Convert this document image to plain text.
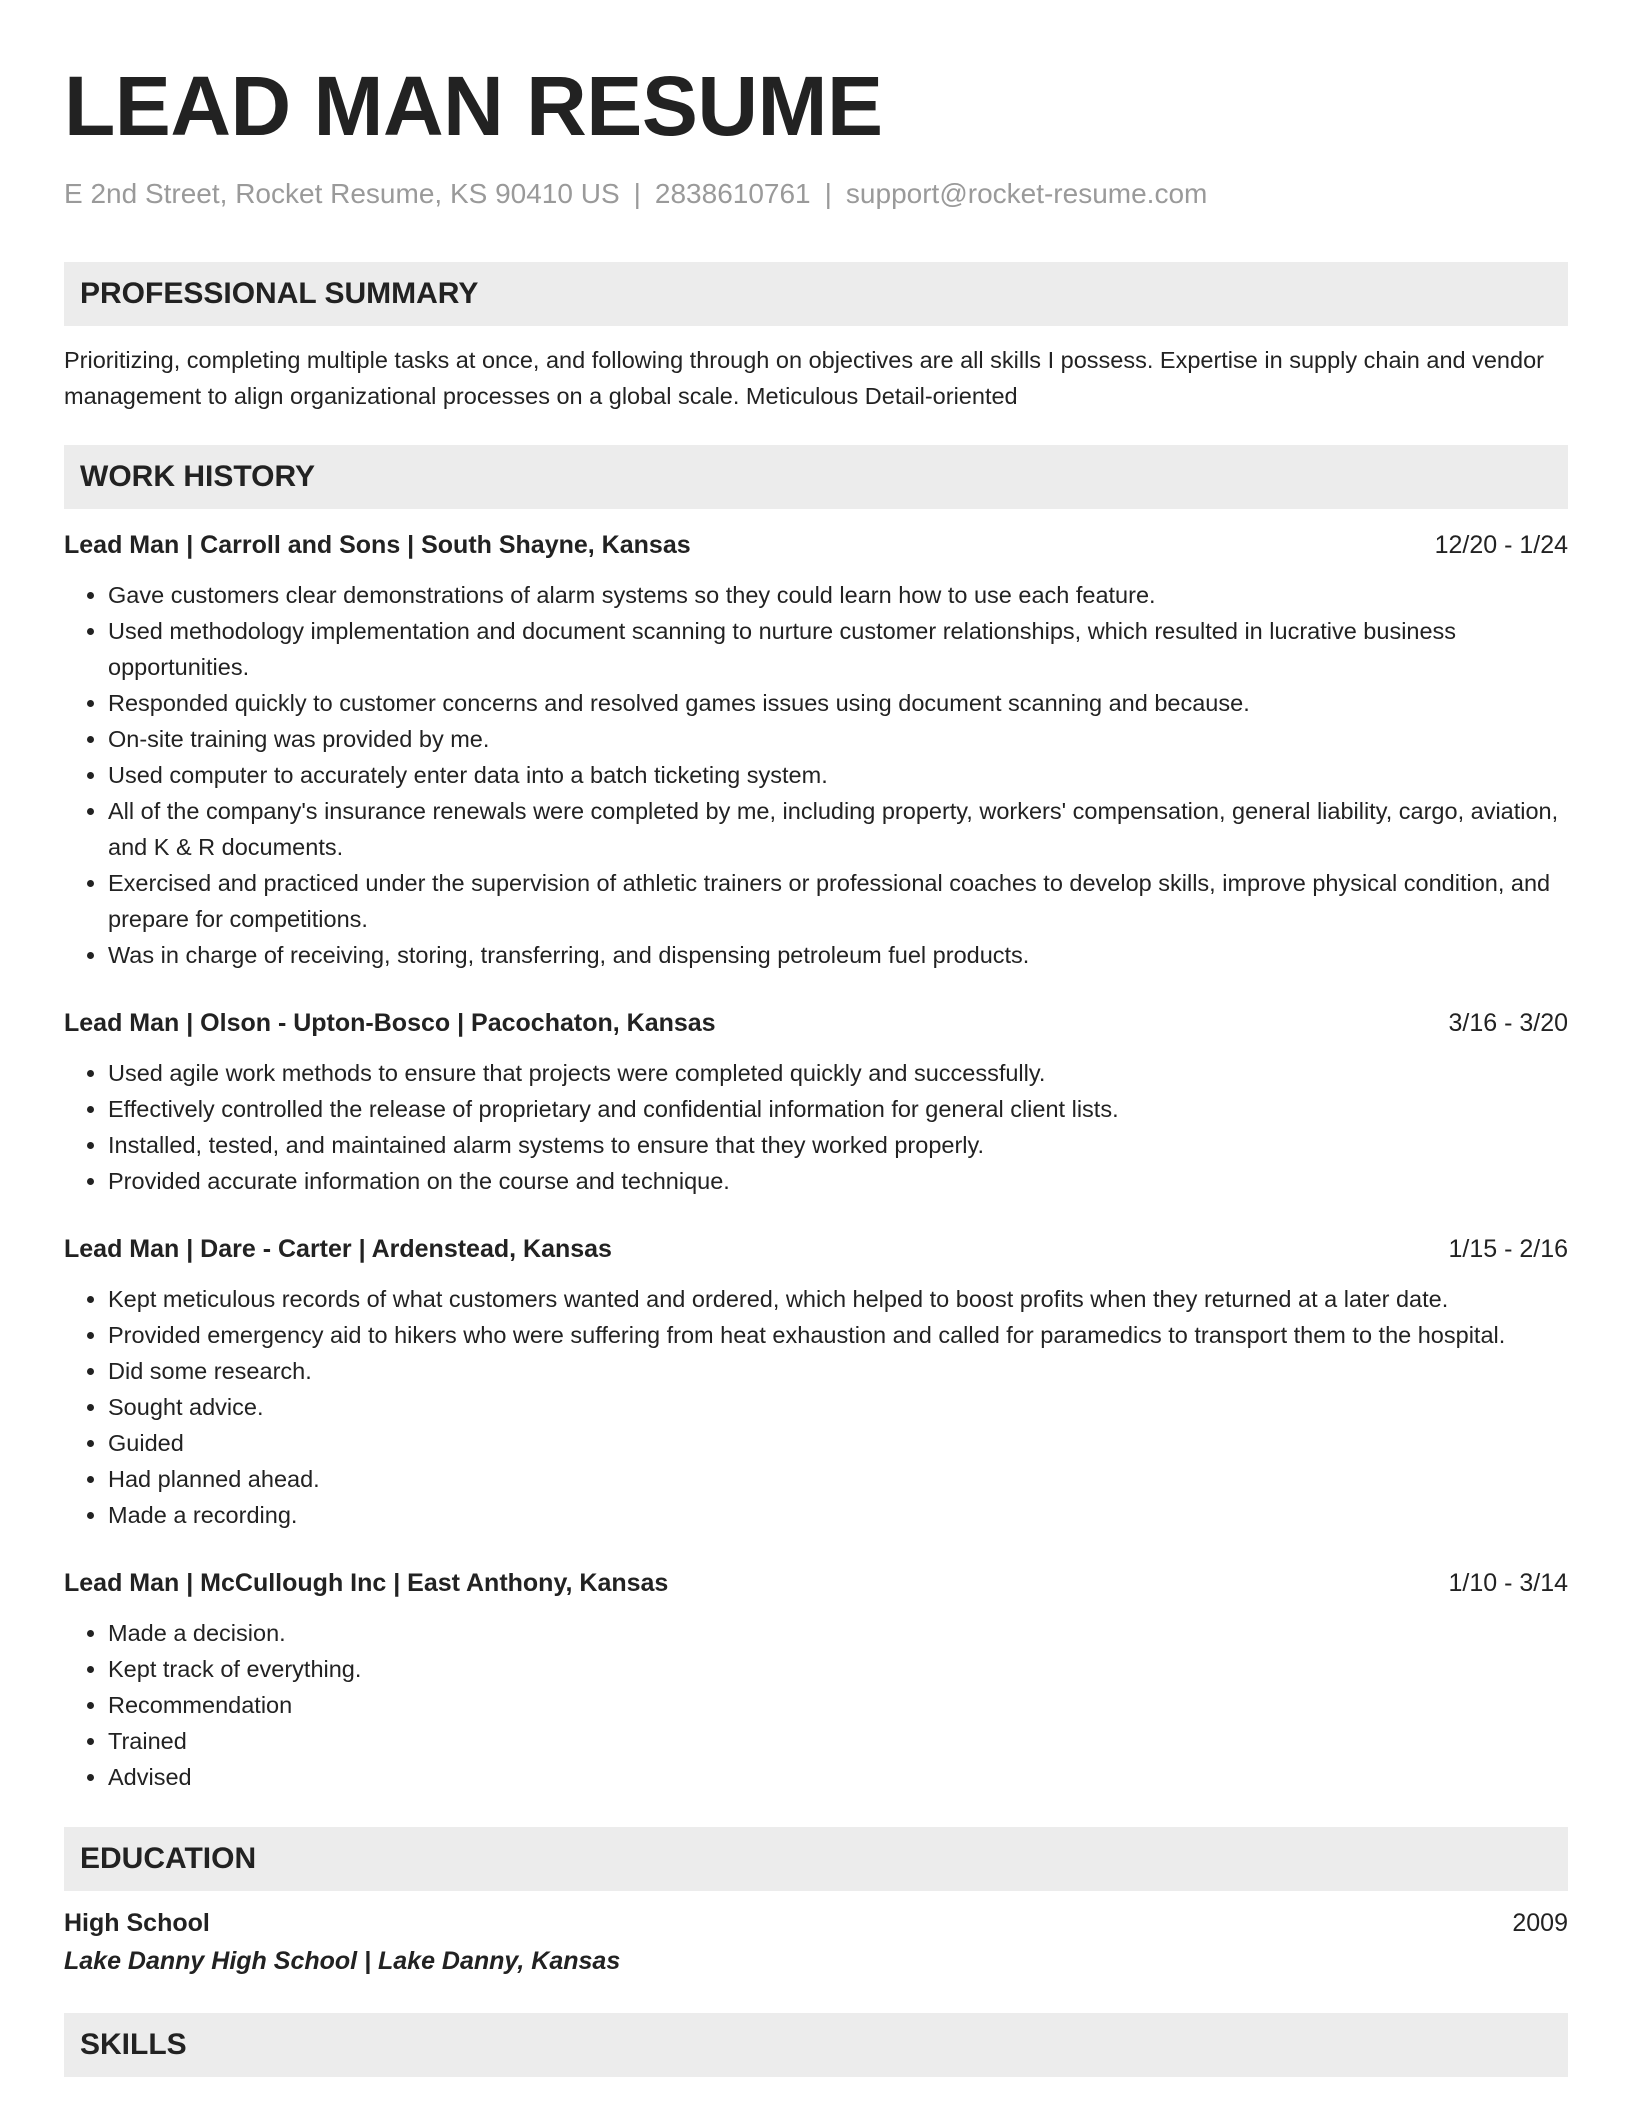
LEAD MAN RESUME
E 2nd Street, Rocket Resume, KS 90410 US | 2838610761 | support@rocket-resume.com
PROFESSIONAL SUMMARY
Prioritizing, completing multiple tasks at once, and following through on objectives are all skills I possess. Expertise in supply chain and vendor management to align organizational processes on a global scale. Meticulous Detail-oriented
WORK HISTORY
Lead Man | Carroll and Sons | South Shayne, Kansas	12/20 - 1/24
• Gave customers clear demonstrations of alarm systems so they could learn how to use each feature.
• Used methodology implementation and document scanning to nurture customer relationships, which resulted in lucrative business opportunities.
• Responded quickly to customer concerns and resolved games issues using document scanning and because.
• On-site training was provided by me.
• Used computer to accurately enter data into a batch ticketing system.
• All of the company's insurance renewals were completed by me, including property, workers' compensation, general liability, cargo, aviation, and K & R documents.
• Exercised and practiced under the supervision of athletic trainers or professional coaches to develop skills, improve physical condition, and prepare for competitions.
• Was in charge of receiving, storing, transferring, and dispensing petroleum fuel products.
Lead Man | Olson - Upton-Bosco | Pacochaton, Kansas	3/16 - 3/20
• Used agile work methods to ensure that projects were completed quickly and successfully.
• Effectively controlled the release of proprietary and confidential information for general client lists.
• Installed, tested, and maintained alarm systems to ensure that they worked properly.
• Provided accurate information on the course and technique.
Lead Man | Dare - Carter | Ardenstead, Kansas	1/15 - 2/16
• Kept meticulous records of what customers wanted and ordered, which helped to boost profits when they returned at a later date.
• Provided emergency aid to hikers who were suffering from heat exhaustion and called for paramedics to transport them to the hospital.
• Did some research.
• Sought advice.
• Guided
• Had planned ahead.
• Made a recording.
Lead Man | McCullough Inc | East Anthony, Kansas	1/10 - 3/14
• Made a decision.
• Kept track of everything.
• Recommendation
• Trained
• Advised
EDUCATION
High School	2009
Lake Danny High School | Lake Danny, Kansas
SKILLS
